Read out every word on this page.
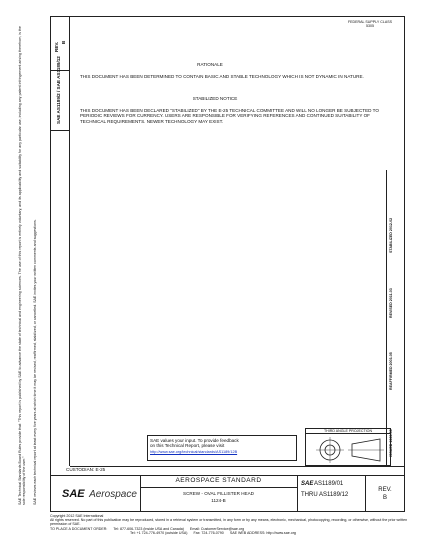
REV. B
SAE AS1189/2 / SAE AS1189/12
SAE Technical Standards Board Rules provide that: "This report is published by SAE to advance the state of technical and engineering sciences. The use of this report is entirely voluntary, and its applicability and suitability for any particular use, including any patent infringement arising therefrom, is the sole responsibility of the user." SAE reviews each technical report at least every five years at which time it may be revised, reaffirmed, stabilized, or cancelled. SAE invites your written comments and suggestions.
FEDERAL SUPPLY CLASS
5305
RATIONALE
THIS DOCUMENT HAS BEEN DETERMINED TO CONTAIN BASIC AND STABLE TECHNOLOGY WHICH IS NOT DYNAMIC IN NATURE.
STABILIZED NOTICE
THIS DOCUMENT HAS BEEN DECLARED "STABILIZED" BY THE E-25 TECHNICAL COMMITTEE AND WILL NO LONGER BE SUBJECTED TO PERIODIC REVIEWS FOR CURRENCY. USERS ARE RESPONSIBLE FOR VERIFYING REFERENCES AND CONTINUED SUITABILITY OF TECHNICAL REQUIREMENTS. NEWER TECHNOLOGY MAY EXIST.
ISSUED 1969-05
REAFFIRMED 2003-05
REVISED 2011-03
STABILIZED 2012-02
SAE values your input. To provide feedback
on this Technical Report, please visit
http://www.sae.org/technical/standards/AS1189/12B
THIRD ANGLE PROJECTION
CUSTODIAN: E-25
SAE Aerospace
AEROSPACE STANDARD
SCREW - OVAL FILLISTER HEAD
1124-B
SAE AS1189/01
THRU AS1189/12
REV.
B
Copyright 2012 SAE International
All rights reserved. No part of this publication may be reproduced, stored in a retrieval system or transmitted, in any form or by any means, electronic, mechanical, photocopying, recording, or otherwise, without the prior written permission of SAE.
TO PLACE A DOCUMENT ORDER: Tel: 877-606-7323 (inside USA and Canada) Email: CustomerService@sae.org
Tel: +1 724-776-4970 (outside USA) Fax: 724-776-0790 SAE WEB ADDRESS: http://www.sae.org
